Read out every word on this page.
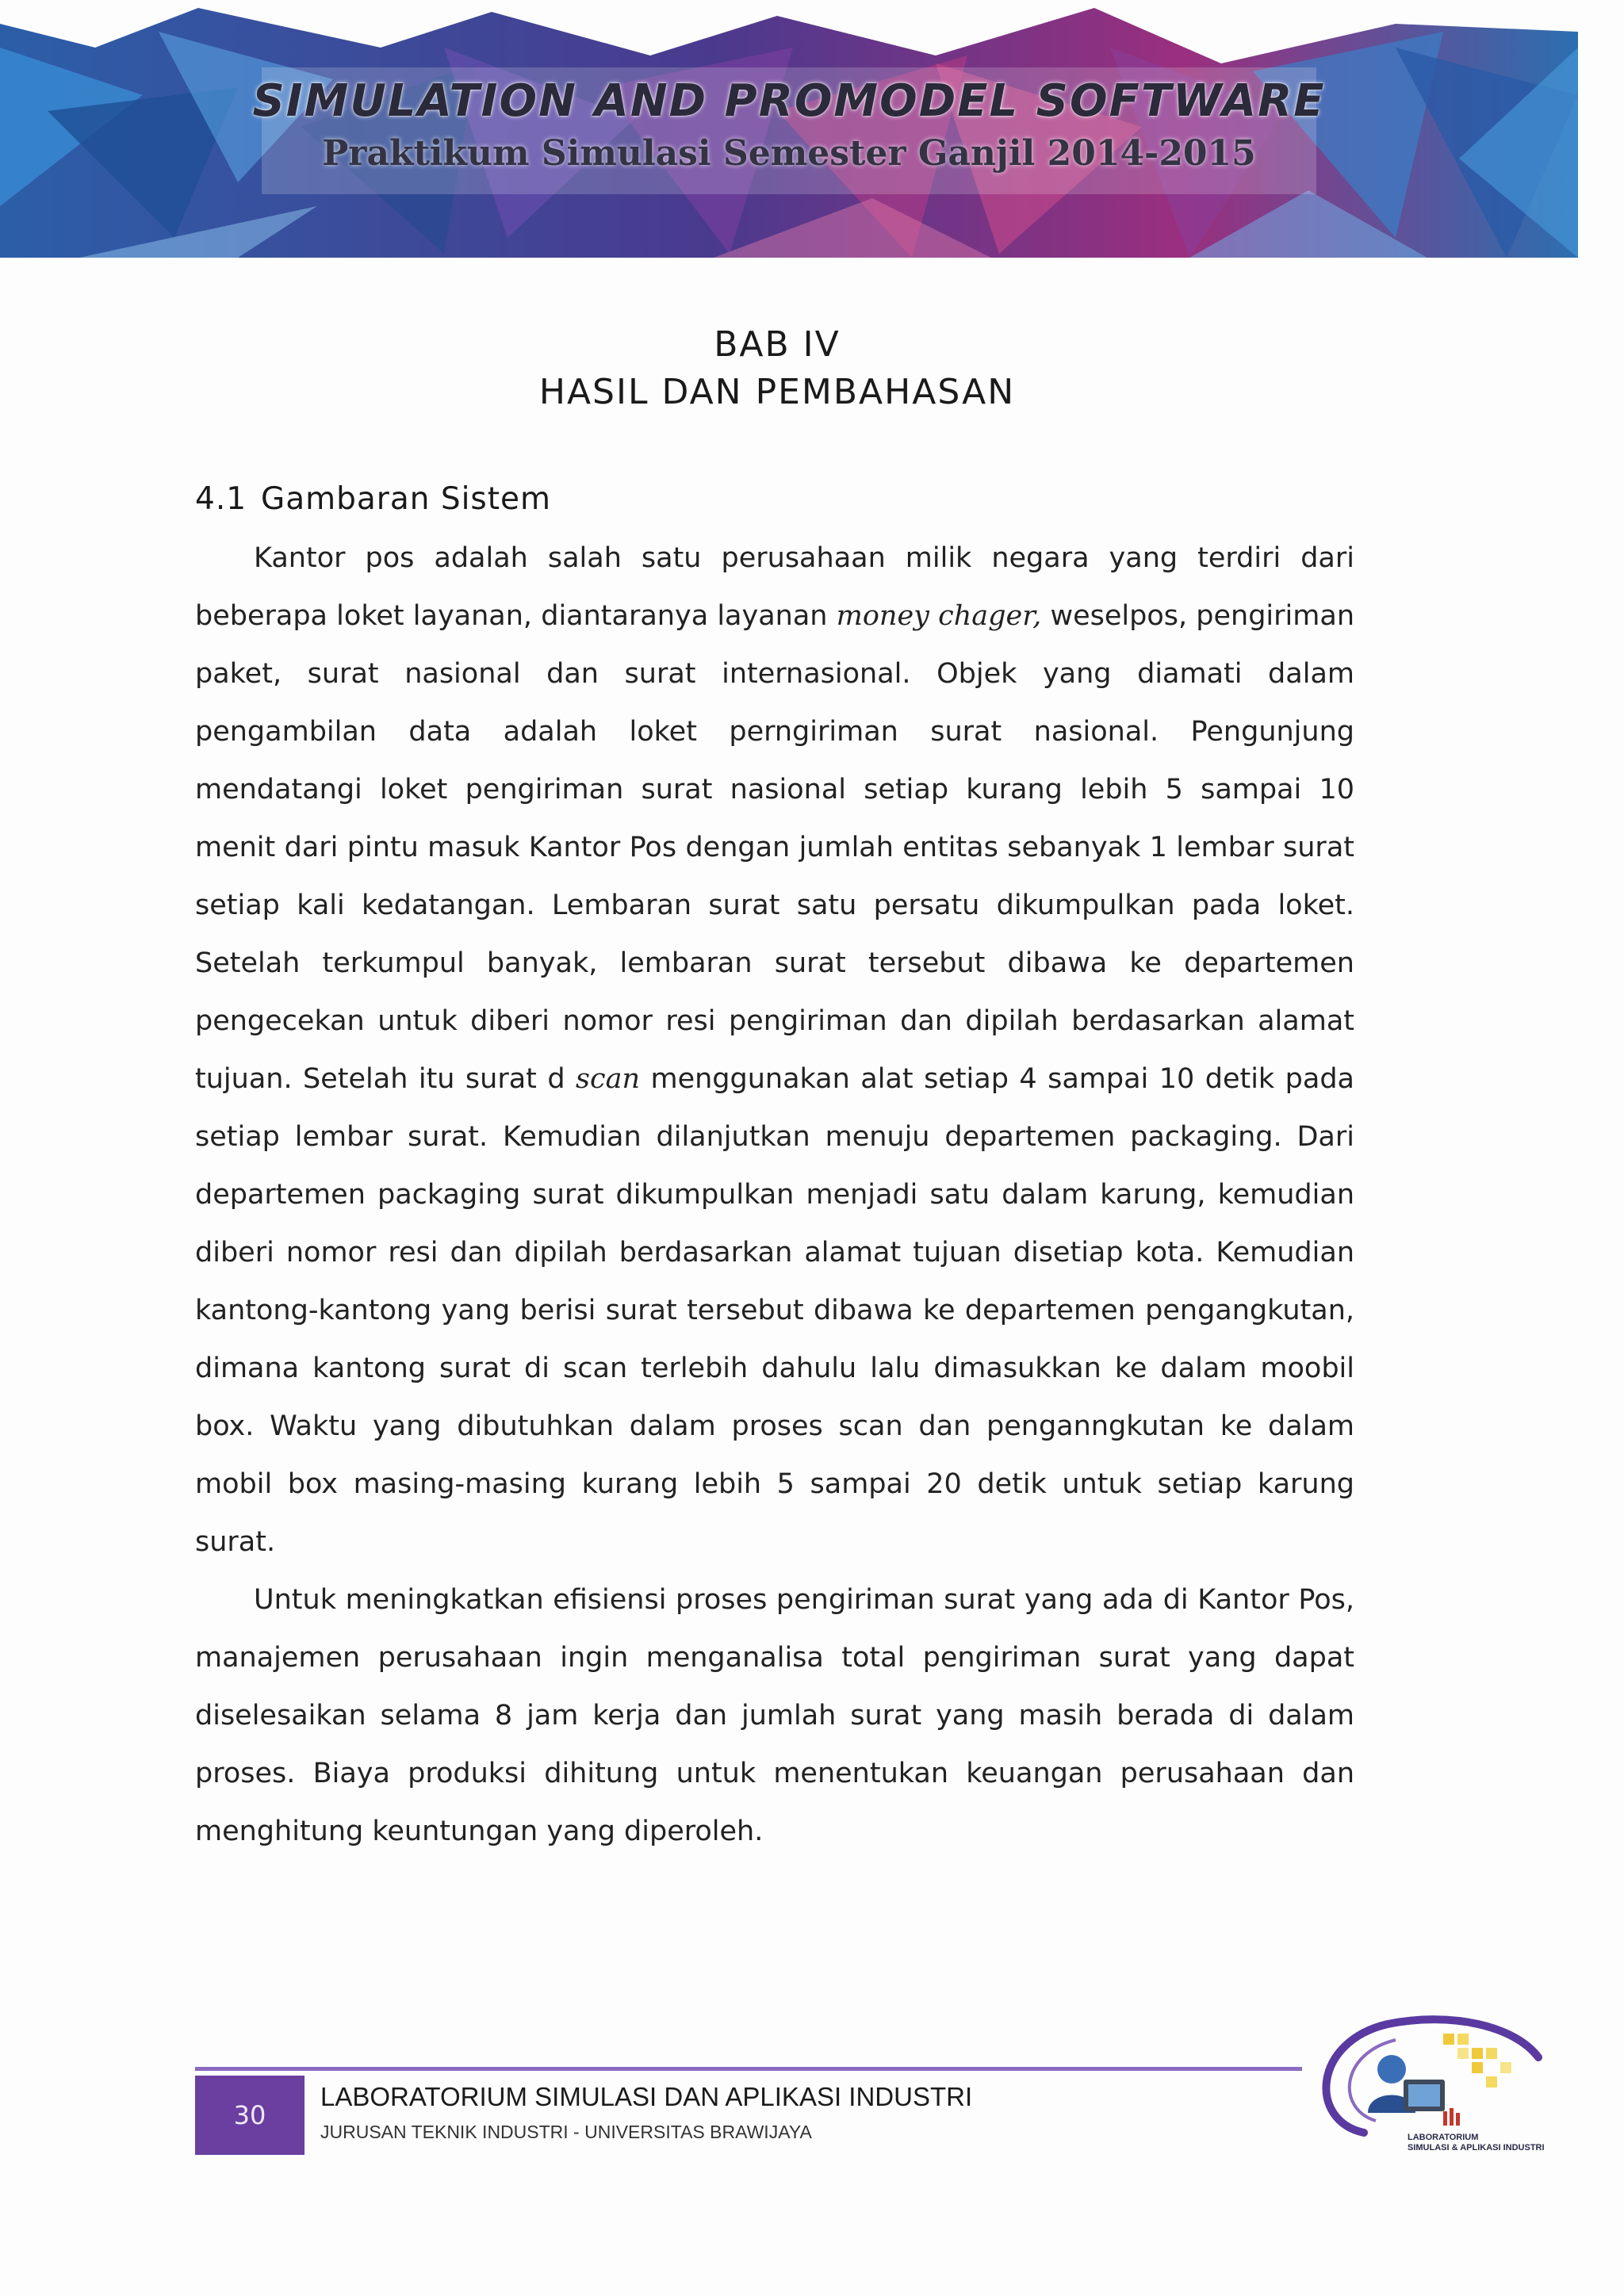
SIMULATION AND PROMODEL SOFTWARE
Praktikum Simulasi Semester Ganjil 2014-2015
BAB IV
HASIL DAN PEMBAHASAN
4.1 Gambaran Sistem

Kantor pos adalah salah satu perusahaan milik negara yang terdiri dari beberapa loket layanan, diantaranya layanan money chager, weselpos, pengiriman paket, surat nasional dan surat internasional. Objek yang diamati dalam pengambilan data adalah loket perngiriman surat nasional. Pengunjung mendatangi loket pengiriman surat nasional setiap kurang lebih 5 sampai 10 menit dari pintu masuk Kantor Pos dengan jumlah entitas sebanyak 1 lembar surat setiap kali kedatangan. Lembaran surat satu persatu dikumpulkan pada loket. Setelah terkumpul banyak, lembaran surat tersebut dibawa ke departemen pengecekan untuk diberi nomor resi pengiriman dan dipilah berdasarkan alamat tujuan. Setelah itu surat d scan menggunakan alat setiap 4 sampai 10 detik pada setiap lembar surat. Kemudian dilanjutkan menuju departemen packaging. Dari departemen packaging surat dikumpulkan menjadi satu dalam karung, kemudian diberi nomor resi dan dipilah berdasarkan alamat tujuan disetiap kota. Kemudian kantong-kantong yang berisi surat tersebut dibawa ke departemen pengangkutan, dimana kantong surat di scan terlebih dahulu lalu dimasukkan ke dalam moobil box. Waktu yang dibutuhkan dalam proses scan dan penganngkutan ke dalam mobil box masing-masing kurang lebih 5 sampai 20 detik untuk setiap karung surat.

Untuk meningkatkan efisiensi proses pengiriman surat yang ada di Kantor Pos, manajemen perusahaan ingin menganalisa total pengiriman surat yang dapat diselesaikan selama 8 jam kerja dan jumlah surat yang masih berada di dalam proses. Biaya produksi dihitung untuk menentukan keuangan perusahaan dan menghitung keuntungan yang diperoleh.

30
LABORATORIUM SIMULASI DAN APLIKASI INDUSTRI
JURUSAN TEKNIK INDUSTRI - UNIVERSITAS BRAWIJAYA	LABORATORIUM
SIMULASI & APLIKASI INDUSTRI
